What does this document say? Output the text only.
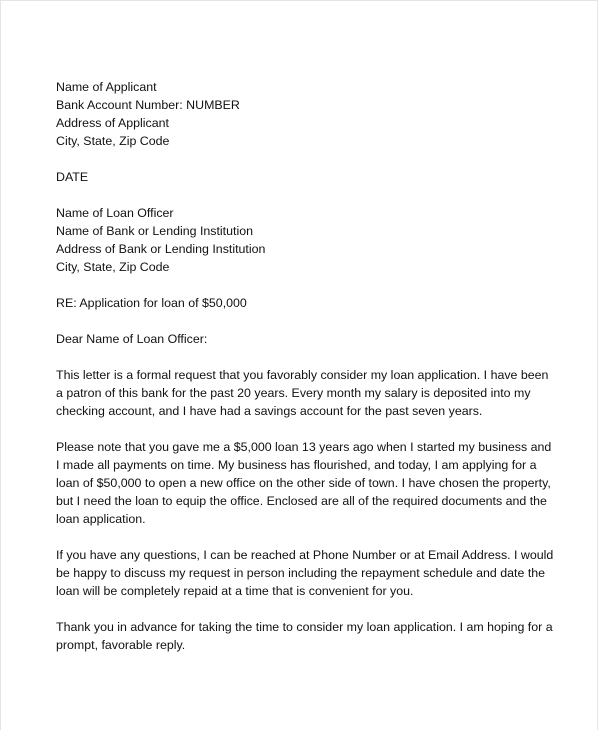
Name of Applicant
Bank Account Number: NUMBER
Address of Applicant
City, State, Zip Code
DATE
Name of Loan Officer
Name of Bank or Lending Institution
Address of Bank or Lending Institution
City, State, Zip Code
RE: Application for loan of $50,000
Dear Name of Loan Officer:
This letter is a formal request that you favorably consider my loan application. I have been
a patron of this bank for the past 20 years. Every month my salary is deposited into my
checking account, and I have had a savings account for the past seven years.
Please note that you gave me a $5,000 loan 13 years ago when I started my business and
I made all payments on time. My business has flourished, and today, I am applying for a
loan of $50,000 to open a new office on the other side of town. I have chosen the property,
but I need the loan to equip the office. Enclosed are all of the required documents and the
loan application.
If you have any questions, I can be reached at Phone Number or at Email Address. I would
be happy to discuss my request in person including the repayment schedule and date the
loan will be completely repaid at a time that is convenient for you.
Thank you in advance for taking the time to consider my loan application. I am hoping for a
prompt, favorable reply.
